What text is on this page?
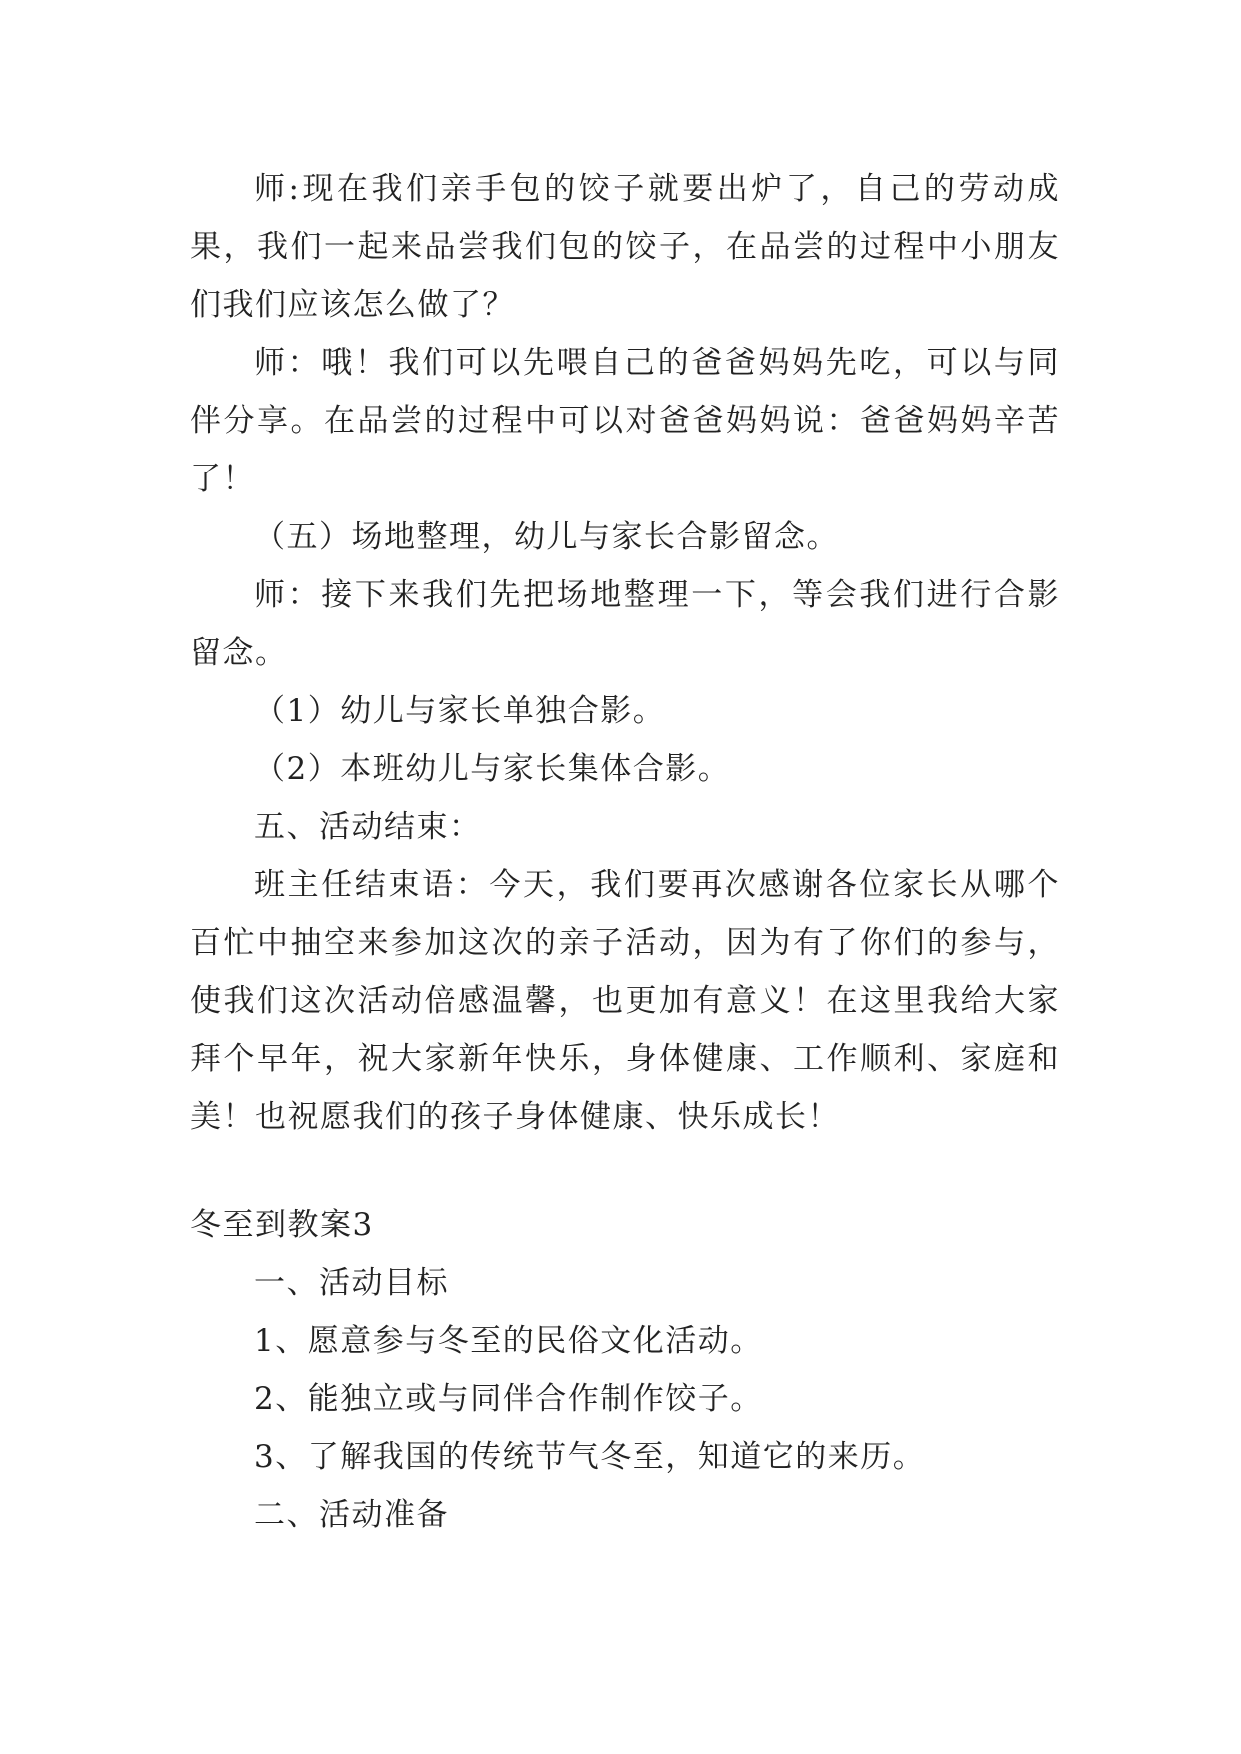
师:现在我们亲手包的饺子就要出炉了，自己的劳动成果，我们一起来品尝我们包的饺子，在品尝的过程中小朋友们我们应该怎么做了？

师：哦！我们可以先喂自己的爸爸妈妈先吃，可以与同伴分享。在品尝的过程中可以对爸爸妈妈说：爸爸妈妈辛苦了！

（五）场地整理，幼儿与家长合影留念。

师：接下来我们先把场地整理一下，等会我们进行合影留念。

（1）幼儿与家长单独合影。

（2）本班幼儿与家长集体合影。

五、活动结束：

班主任结束语：今天，我们要再次感谢各位家长从哪个百忙中抽空来参加这次的亲子活动，因为有了你们的参与，使我们这次活动倍感温馨，也更加有意义！在这里我给大家拜个早年，祝大家新年快乐，身体健康、工作顺利、家庭和美！也祝愿我们的孩子身体健康、快乐成长！

冬至到教案3

一、活动目标

1、愿意参与冬至的民俗文化活动。

2、能独立或与同伴合作制作饺子。

3、了解我国的传统节气冬至，知道它的来历。

二、活动准备
